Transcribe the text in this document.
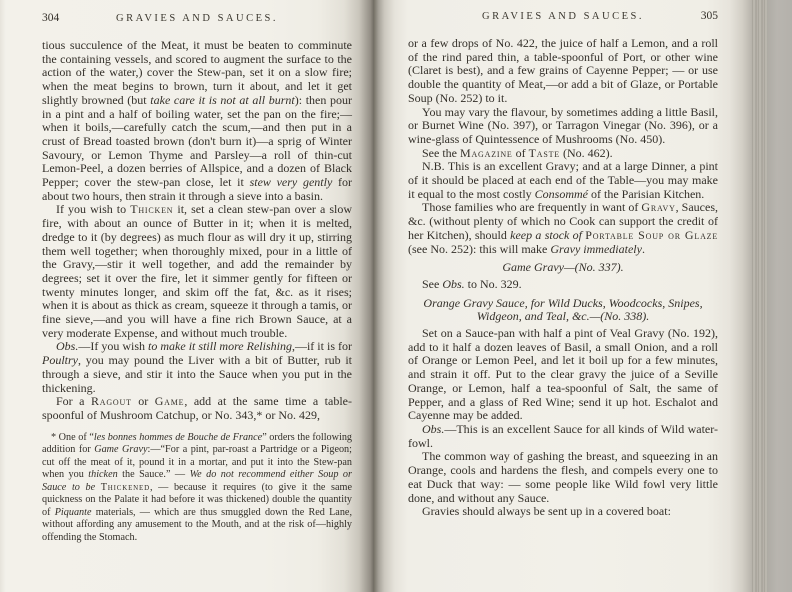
304	GRAVIES AND SAUCES.

tious succulence of the Meat, it must be beaten to comminute the containing vessels, and scored to augment the surface to the action of the water,) cover the Stew-pan, set it on a slow fire; when the meat begins to brown, turn it about, and let it get slightly browned (but take care it is not at all burnt): then pour in a pint and a half of boiling water, set the pan on the fire;—when it boils,—carefully catch the scum,—and then put in a crust of Bread toasted brown (don't burn it)—a sprig of Winter Savoury, or Lemon Thyme and Parsley—a roll of thin-cut Lemon-Peel, a dozen berries of Allspice, and a dozen of Black Pepper; cover the stew-pan close, let it stew very gently for about two hours, then strain it through a sieve into a basin.

If you wish to Thicken it, set a clean stew-pan over a slow fire, with about an ounce of Butter in it; when it is melted, dredge to it (by degrees) as much flour as will dry it up, stirring them well together; when thoroughly mixed, pour in a little of the Gravy,—stir it well together, and add the remainder by degrees; set it over the fire, let it simmer gently for fifteen or twenty minutes longer, and skim off the fat, &c. as it rises; when it is about as thick as cream, squeeze it through a tamis, or fine sieve,—and you will have a fine rich Brown Sauce, at a very moderate Expense, and without much trouble.

Obs.—If you wish to make it still more Relishing,—if it is for Poultry, you may pound the Liver with a bit of Butter, rub it through a sieve, and stir it into the Sauce when you put in the thickening.

For a Ragout or Game, add at the same time a table-spoonful of Mushroom Catchup, or No. 343,* or No. 429,

* One of “les bonnes hommes de Bouche de France” orders the following addition for Game Gravy:—“For a pint, par-roast a Partridge or a Pigeon; cut off the meat of it, pound it in a mortar, and put it into the Stew-pan when you thicken the Sauce.” — We do not recommend either Soup or Sauce to be Thickened, — because it requires (to give it the same quickness on the Palate it had before it was thickened) double the quantity of Piquante materials, — which are thus smuggled down the Red Lane, without affording any amusement to the Mouth, and at the risk of—highly offending the Stomach.

GRAVIES AND SAUCES.	305

or a few drops of No. 422, the juice of half a Lemon, and a roll of the rind pared thin, a table-spoonful of Port, or other wine (Claret is best), and a few grains of Cayenne Pepper; — or use double the quantity of Meat,—or add a bit of Glaze, or Portable Soup (No. 252) to it.

You may vary the flavour, by sometimes adding a little Basil, or Burnet Wine (No. 397), or Tarragon Vinegar (No. 396), or a wine-glass of Quintessence of Mushrooms (No. 450).

See the Magazine of Taste (No. 462).

N.B. This is an excellent Gravy; and at a large Dinner, a pint of it should be placed at each end of the Table—you may make it equal to the most costly Consommé of the Parisian Kitchen.

Those families who are frequently in want of Gravy, Sauces, &c. (without plenty of which no Cook can support the credit of her Kitchen), should keep a stock of Portable Soup or Glaze (see No. 252): this will make Gravy immediately.

Game Gravy—(No. 337).

See Obs. to No. 329.

Orange Gravy Sauce, for Wild Ducks, Woodcocks, Snipes, Widgeon, and Teal, &c.—(No. 338).

Set on a Sauce-pan with half a pint of Veal Gravy (No. 192), add to it half a dozen leaves of Basil, a small Onion, and a roll of Orange or Lemon Peel, and let it boil up for a few minutes, and strain it off. Put to the clear gravy the juice of a Seville Orange, or Lemon, half a tea-spoonful of Salt, the same of Pepper, and a glass of Red Wine; send it up hot. Eschalot and Cayenne may be added.

Obs.—This is an excellent Sauce for all kinds of Wild water-fowl.

The common way of gashing the breast, and squeezing in an Orange, cools and hardens the flesh, and compels every one to eat Duck that way: — some people like Wild fowl very little done, and without any Sauce.

Gravies should always be sent up in a covered boat:
